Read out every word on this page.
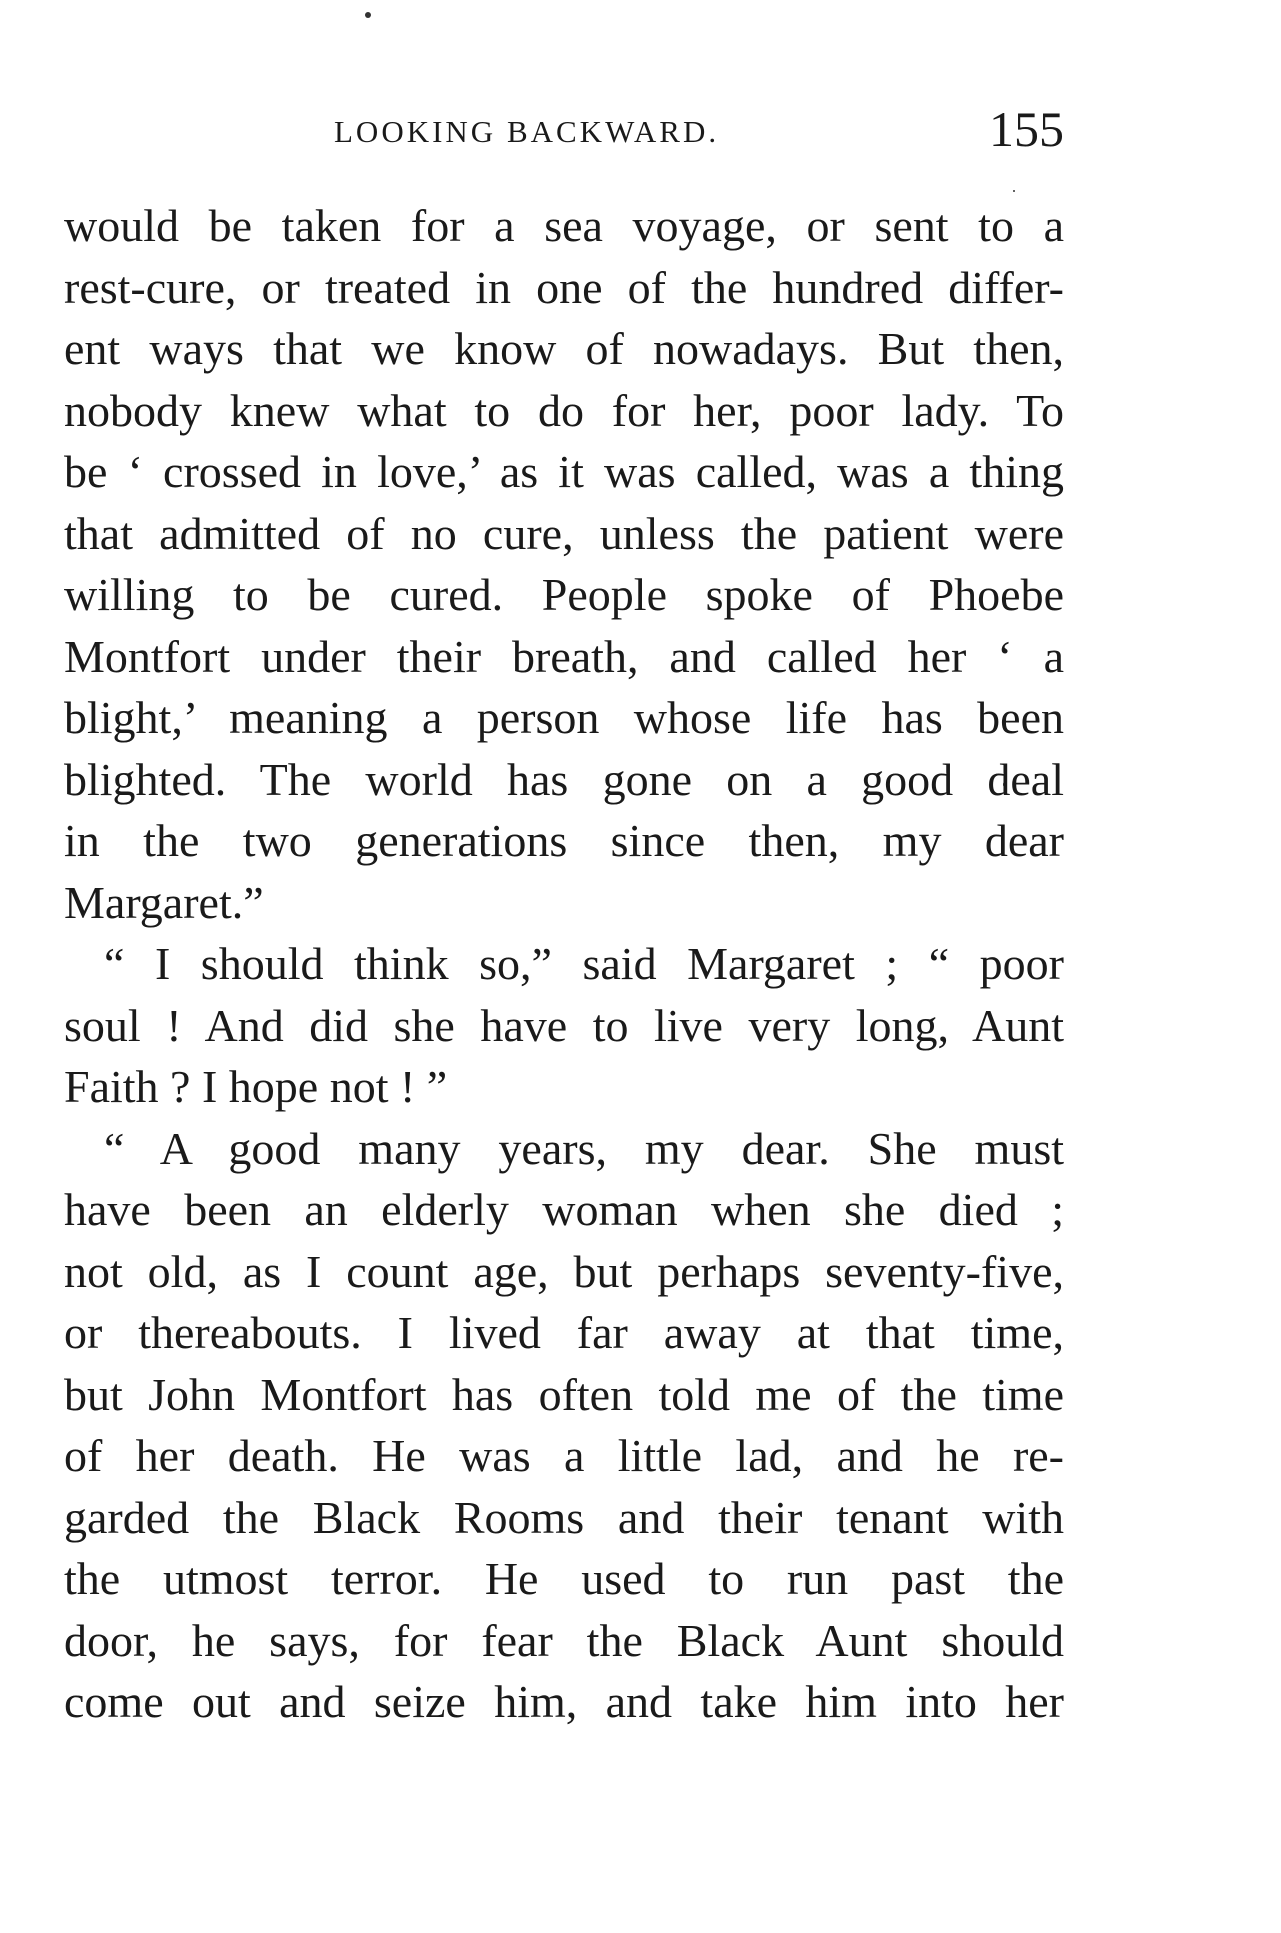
LOOKING BACKWARD.	155
would be taken for a sea voyage, or sent to a
rest-cure, or treated in one of the hundred differ-
ent ways that we know of nowadays. But then,
nobody knew what to do for her, poor lady. To
be ‘ crossed in love,’ as it was called, was a thing
that admitted of no cure, unless the patient were
willing to be cured. People spoke of Phoebe
Montfort under their breath, and called her ‘ a
blight,’ meaning a person whose life has been
blighted. The world has gone on a good deal
in the two generations since then, my dear
Margaret.”
“ I should think so,” said Margaret ; “ poor
soul ! And did she have to live very long, Aunt
Faith ? I hope not ! ”
“ A good many years, my dear. She must
have been an elderly woman when she died ;
not old, as I count age, but perhaps seventy-five,
or thereabouts. I lived far away at that time,
but John Montfort has often told me of the time
of her death. He was a little lad, and he re-
garded the Black Rooms and their tenant with
the utmost terror. He used to run past the
door, he says, for fear the Black Aunt should
come out and seize him, and take him into her
